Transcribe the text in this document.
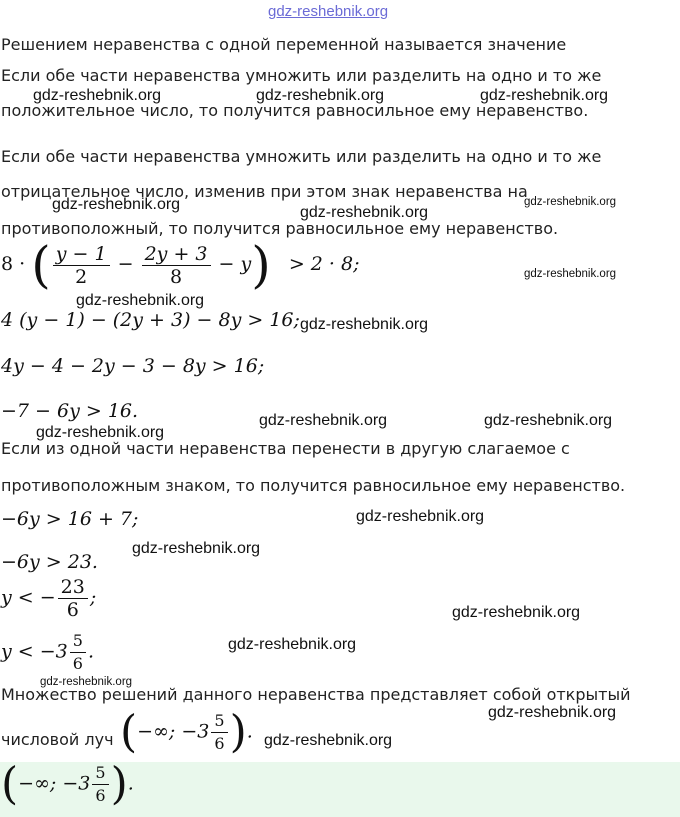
gdz-reshebnik.org
Решением неравенства с одной переменной называется значение
Если обе части неравенства умножить или разделить на одно и то же
положительное число, то получится равносильное ему неравенство.
Если обе части неравенства умножить или разделить на одно и то же
отрицательное число, изменив при этом знак неравенства на
противоположный, то получится равносильное ему неравенство.
8 · ( $\frac{y - 1}{2} - \frac{2y + 3}{8} - y) > 2 \cdot 8$;
4 (y − 1) − (2y + 3) − 8y > 16;
4y − 4 − 2y − 3 − 8y > 16;
−7 − 6y > 16.
Если из одной части неравенства перенести в другую слагаемое с
противоположным знаком, то получится равносильное ему неравенство.
−6y > 16 + 7;
−6y > 23.
y < − $\frac{23}{6}$ ;
$y < -3 \frac{5}{6}$ .
Множество решений данного неравенства представляет собой открытый
числовой луч (−∞; $-3 \frac{5}{6}$ ).
(−∞; $-3 \frac{5}{6}$ ).
gdz-reshebnik.org	gdz-reshebnik.org	gdz-reshebnik.org
gdz-reshebnik.org	gdz-reshebnik.org
gdz-reshebnik.org
gdz-reshebnik.org
gdz-reshebnik.org
gdz-reshebnik.org
gdz-reshebnik.org	gdz-reshebnik.org
gdz-reshebnik.org
gdz-reshebnik.org
gdz-reshebnik.org
gdz-reshebnik.org
gdz-reshebnik.org
gdz-reshebnik.org
gdz-reshebnik.org
gdz-reshebnik.org
